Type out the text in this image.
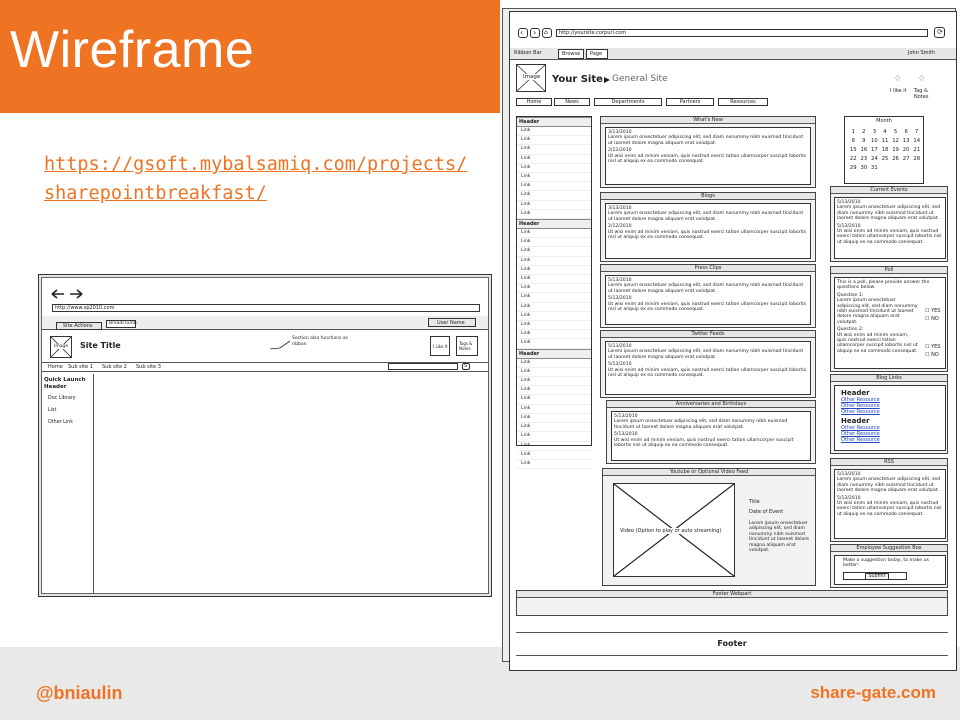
Wireframe
https://gsoft.mybalsamiq.com/projects/sharepointbreakfast/
@bniaulin	share-gate.com
http://www.sp2010.com
Site Actions	Breadcrumb	User Name
Image Site Title
Section also functions as ribbon	I Like It
Tags & Notes
Home Sub site 1 Sub site 2 Sub site 3	S
Quick Launch Header
Doc Library
List
Other Link
‹ › ⌂ http://yoursite.corpurl.com	⟳
Ribbon Bar	Browse	Page	John Smith
Image Your Site General Site	♢
I like it
♢
Tag & Notes
Home	News	Departments	Partners	Resources
Header
Link
Link
Link
Link
Link
Link
Link
Link
Link
Link
Header
Link
Link
Link
Link
Link
Link
Link
Link
Link
Link
Link
Link
Link
Header
Link
Link
Link
Link
Link
Link
Link
Link
Link
Link
Link
Link
What's New
3/13/2010
Lorem ipsum onsectetuer adipiscing elit, sed diam nonummy nibh euismod tincidunt ut laoreet dolore magna aliquam erat volutpat.
2/12/2010
Ut wisi enim ad minim veniam, quis nostrud exerci tation ullamcorper suscipit lobortis nisl ut aliquip ex ea commodo consequat.
Blogs
3/13/2010
Lorem ipsum onsectetuer adipiscing elit, sed diam nonummy nibh euismod tincidunt ut laoreet dolore magna aliquam erat volutpat.
2/12/2010
Ut wisi enim ad minim veniam, quis nostrud exerci tation ullamcorper suscipit lobortis nisl ut aliquip ex ea commodo consequat.
Press Clips
5/13/2010
Lorem ipsum onsectetuer adipiscing elit, sed diam nonummy nibh euismod tincidunt ut laoreet dolore magna aliquam erat volutpat.
5/13/2010
Ut wisi enim ad minim veniam, quis nostrud exerci tation ullamcorper suscipit lobortis nisl ut aliquip ex ea commodo consequat.
Twitter Feeds
5/13/2010
Lorem ipsum onsectetuer adipiscing elit, sed diam nonummy nibh euismod tincidunt ut laoreet dolore magna aliquam erat volutpat.
5/13/2010
Ut wisi enim ad minim veniam, quis nostrud exerci tation ullamcorper suscipit lobortis nisl ut aliquip ex ea commodo consequat.
Anniversaries and Birthdays
5/13/2010
Lorem ipsum onsectetuer adipiscing elit, sed diam nonummy nibh euismod tincidunt ut laoreet dolore magna aliquam erat volutpat.
5/13/2010
Ut wisi enim ad minim veniam, quis nostrud exerci tation ullamcorper suscipit lobortis nisl ut aliquip ex ea commodo consequat.
Youtube or Optional Video Feed
Video (Option to play or auto streaming)
Title
Date of Event
Lorem ipsum onsectetuer adipiscing elit, sed diam nonummy nibh euismod tincidunt ut laoreet dolore magna aliquam erat volutpat.
Month
1	2	3	4	5	6	7
8	9	10 11 12 13 14
15 16 17 18 19 20 21
22 23 24 25 26 27 28
29 30 31
Current Events
5/13/2010
Lorem ipsum onsectetuer adipiscing elit, sed diam nonummy nibh euismod tincidunt ut laoreet dolore magna aliquam erat volutpat.
5/13/2010
Ut wisi enim ad minim veniam, quis nostrud exerci tation ullamcorper suscipit lobortis nisl ut aliquip ex ea commodo consequat.
Poll
This is a poll, please provide answer the questions below.
Question 1:
Lorem ipsum onsectetuer adipiscing elit, sed diam nonummy nibh euismod tincidunt ut laoreet dolore magna aliquam erat volutpat.
Question 2:
Ut wisi enim ad minim veniam, quis nostrud exerci tation ullamcorper suscipit lobortis nisl ut aliquip ex ea commodo consequat.
☐ YES
☐ NO
☐ YES
☐ NO
Blog Links
Header
Other Resource
Other Resource
Other Resource
Header
Other Resource
Other Resource
Other Resource
RSS
5/13/2010
Lorem ipsum onsectetuer adipiscing elit, sed diam nonummy nibh euismod tincidunt ut laoreet dolore magna aliquam erat volutpat.
5/13/2010
Ut wisi enim ad minim veniam, quis nostrud exerci tation ullamcorper suscipit lobortis nisl ut aliquip ex ea commodo consequat.
Employee Suggestion Box
Make a suggestion today, to make us better!
Submit
Footer Webpart
Footer
